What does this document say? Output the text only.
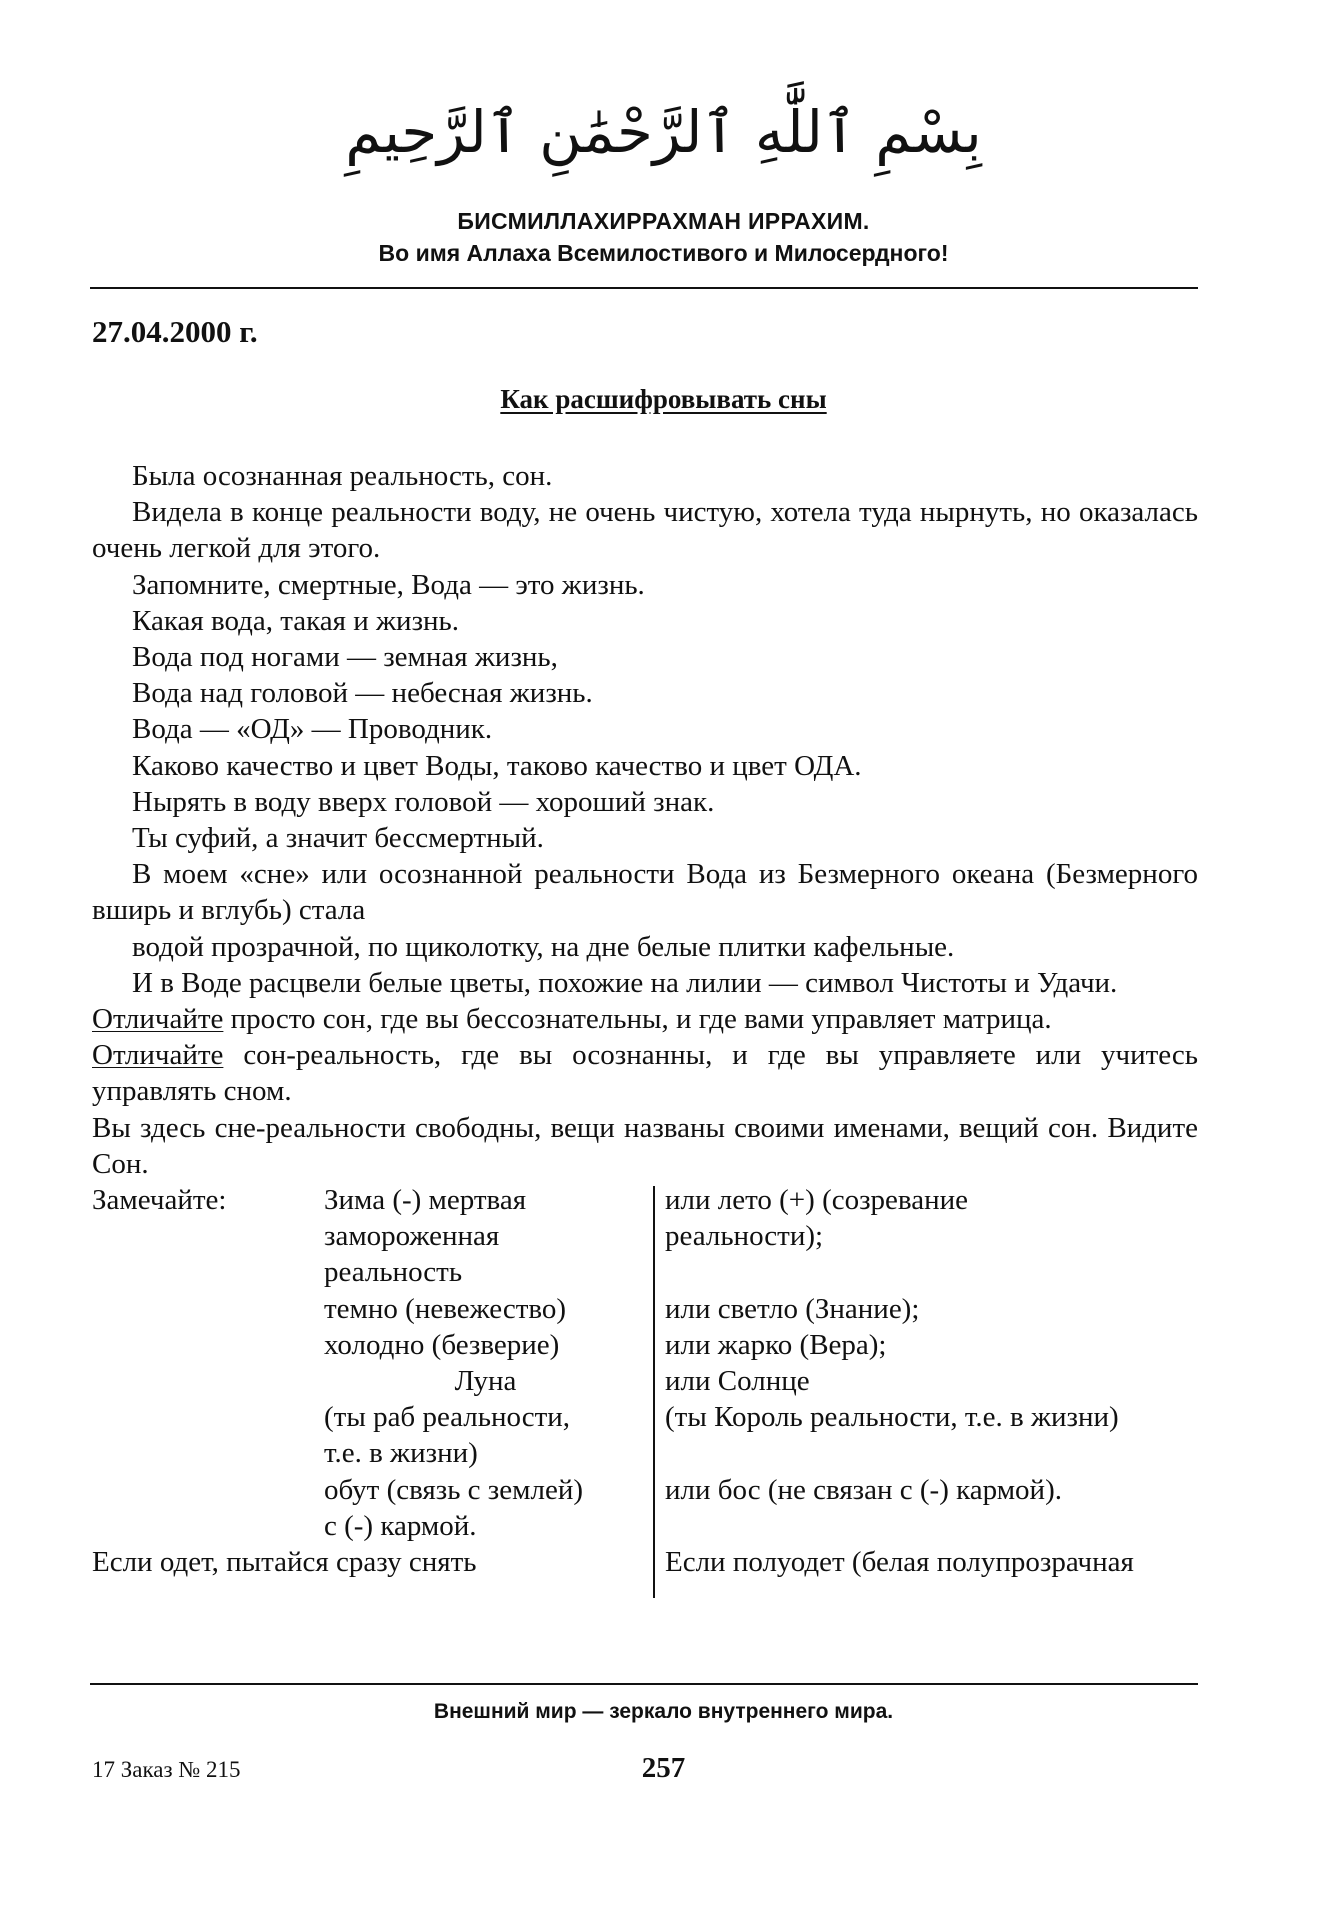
بِسْمِ ٱللَّٰهِ ٱلرَّحْمَٰنِ ٱلرَّحِيمِ
БИСМИЛЛАХИРРАХМАН ИРРАХИМ.
Во имя Аллаха Всемилостивого и Милосердного!
27.04.2000 г.
Как расшифровывать сны
Была осознанная реальность, сон.
Видела в конце реальности воду, не очень чистую, хотела туда нырнуть, но оказалась очень легкой для этого.
Запомните, смертные, Вода — это жизнь.
Какая вода, такая и жизнь.
Вода под ногами — земная жизнь,
Вода над головой — небесная жизнь.
Вода — «ОД» — Проводник.
Каково качество и цвет Воды, таково качество и цвет ОДА.
Нырять в воду вверх головой — хороший знак.
Ты суфий, а значит бессмертный.
В моем «сне» или осознанной реальности Вода из Безмерного океана (Безмерного вширь и вглубь) стала
водой прозрачной, по щиколотку, на дне белые плитки кафельные.
И в Воде расцвели белые цветы, похожие на лилии — символ Чистоты и Удачи.
Отличайте просто сон, где вы бессознательны, и где вами управляет матрица.
Отличайте сон-реальность, где вы осознанны, и где вы управляете или учитесь управлять сном.
Вы здесь сне-реальности свободны, вещи названы своими именами, вещий сон. Видите Сон.
Замечайте:	Зима (-) мертвая	или лето (+) (созревание
замороженная	реальности);
реальность
темно (невежество)	или светло (Знание);
холодно (безверие)	или жарко (Вера);
Луна	или Солнце
(ты раб реальности,	(ты Король реальности, т.е. в жизни)
т.е. в жизни)
обут (связь с землей)	или бос (не связан с (-) кармой).
с (-) кармой.
Если одет, пытайся сразу снять	Если полуодет (белая полупрозрачная
Внешний мир — зеркало внутреннего мира.
17 Заказ № 215	257
